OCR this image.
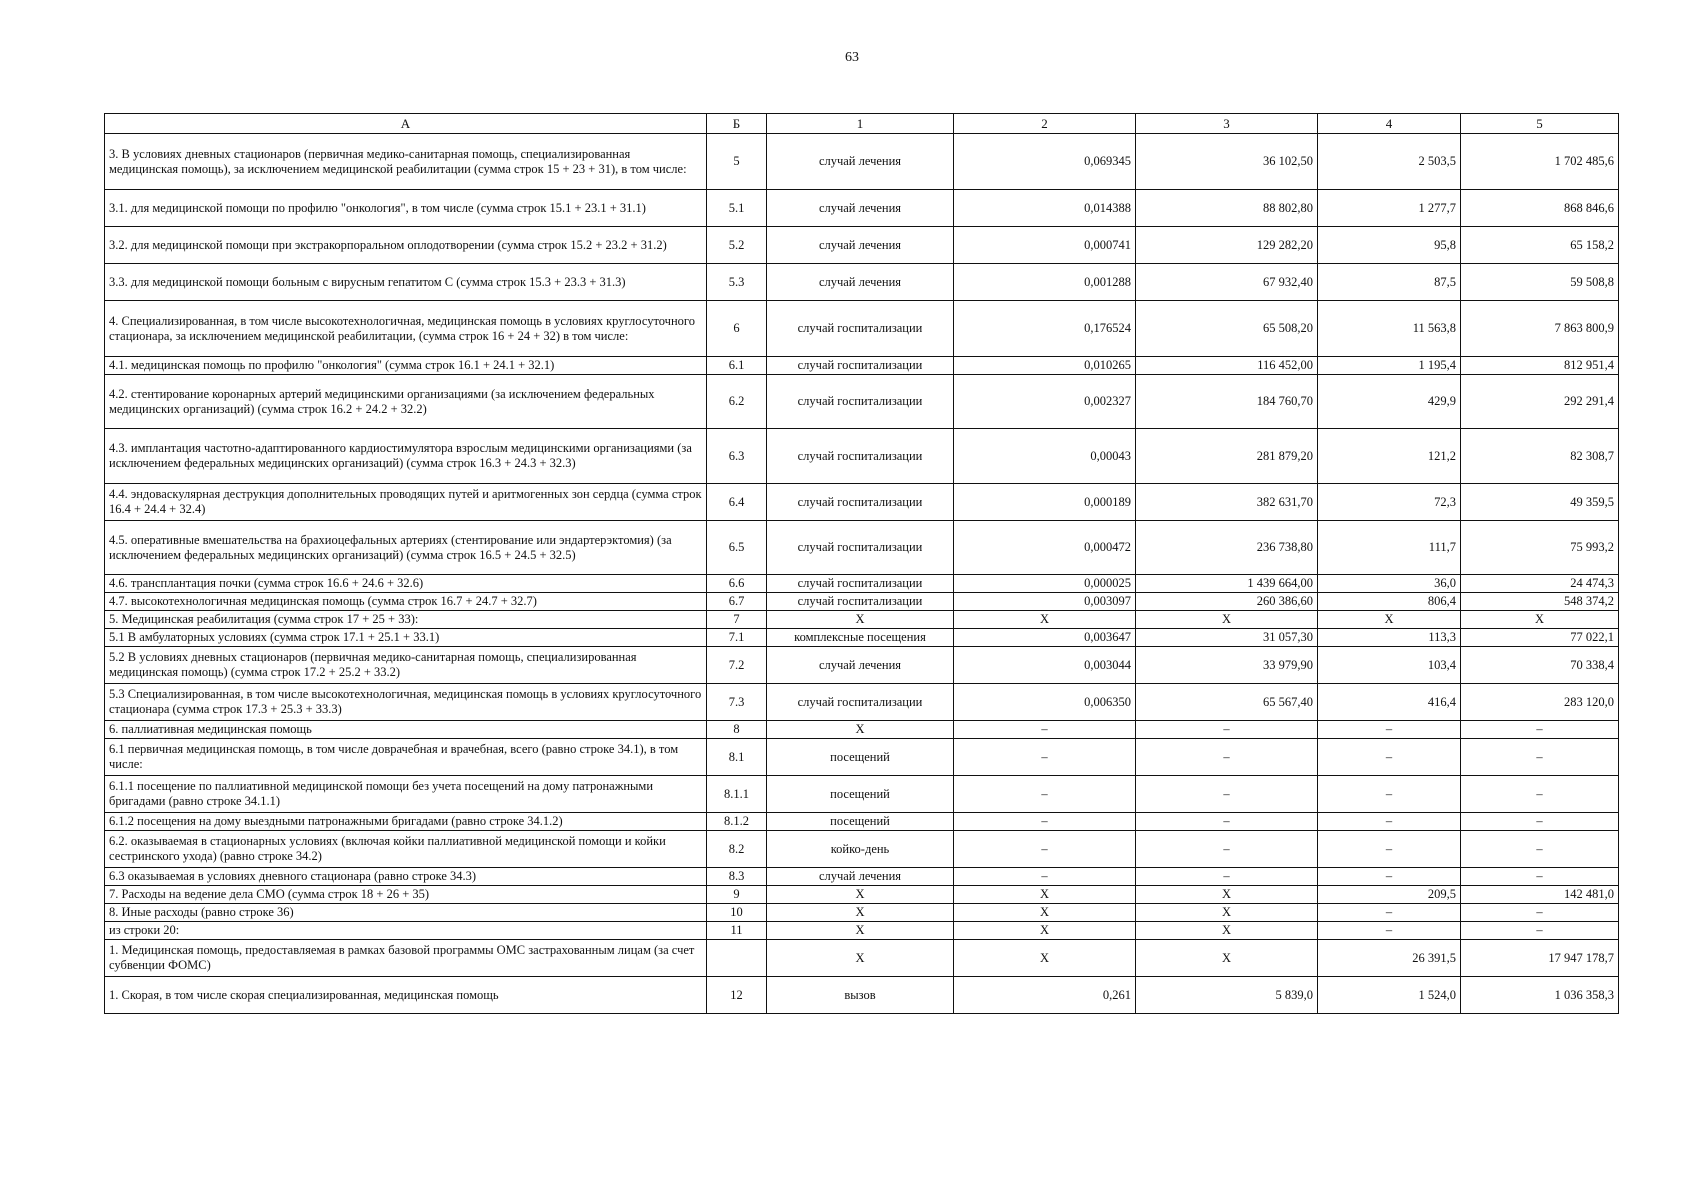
63
А	Б	1	2	3	4	5
3. В условиях дневных стационаров (первичная медико-санитарная помощь, специализированная медицинская помощь), за исключением медицинской реабилитации (сумма строк 15 + 23 + 31), в том числе:	5	случай лечения	0,069345	36 102,50	2 503,5	1 702 485,6
3.1. для медицинской помощи по профилю "онкология", в том числе (сумма строк 15.1 + 23.1 + 31.1)	5.1	случай лечения	0,014388	88 802,80	1 277,7	868 846,6
3.2. для медицинской помощи при экстракорпоральном оплодотворении (сумма строк 15.2 + 23.2 + 31.2)	5.2	случай лечения	0,000741	129 282,20	95,8	65 158,2
3.3. для медицинской помощи больным с вирусным гепатитом С (сумма строк 15.3 + 23.3 + 31.3)	5.3	случай лечения	0,001288	67 932,40	87,5	59 508,8
4. Специализированная, в том числе высокотехнологичная, медицинская помощь в условиях круглосуточного стационара, за исключением медицинской реабилитации, (сумма строк 16 + 24 + 32) в том числе:	6	случай госпитализации	0,176524	65 508,20	11 563,8	7 863 800,9
4.1. медицинская помощь по профилю "онкология" (сумма строк 16.1 + 24.1 + 32.1)	6.1	случай госпитализации	0,010265	116 452,00	1 195,4	812 951,4
4.2. стентирование коронарных артерий медицинскими организациями (за исключением федеральных медицинских организаций) (сумма строк 16.2 + 24.2 + 32.2)	6.2	случай госпитализации	0,002327	184 760,70	429,9	292 291,4
4.3. имплантация частотно-адаптированного кардиостимулятора взрослым медицинскими организациями (за исключением федеральных медицинских организаций) (сумма строк 16.3 + 24.3 + 32.3)	6.3	случай госпитализации	0,00043	281 879,20	121,2	82 308,7
4.4. эндоваскулярная деструкция дополнительных проводящих путей и аритмогенных зон сердца (сумма строк 16.4 + 24.4 + 32.4)	6.4	случай госпитализации	0,000189	382 631,70	72,3	49 359,5
4.5. оперативные вмешательства на брахиоцефальных артериях (стентирование или эндартерэктомия) (за исключением федеральных медицинских организаций) (сумма строк 16.5 + 24.5 + 32.5)	6.5	случай госпитализации	0,000472	236 738,80	111,7	75 993,2
4.6. трансплантация почки (сумма строк 16.6 + 24.6 + 32.6)	6.6	случай госпитализации	0,000025	1 439 664,00	36,0	24 474,3
4.7. высокотехнологичная медицинская помощь (сумма строк 16.7 + 24.7 + 32.7)	6.7	случай госпитализации	0,003097	260 386,60	806,4	548 374,2
5. Медицинская реабилитация (сумма строк 17 + 25 + 33):	7	Х	Х	Х	Х	Х
5.1 В амбулаторных условиях (сумма строк 17.1 + 25.1 + 33.1)	7.1	комплексные посещения	0,003647	31 057,30	113,3	77 022,1
5.2 В условиях дневных стационаров (первичная медико-санитарная помощь, специализированная медицинская помощь) (сумма строк 17.2 + 25.2 + 33.2)	7.2	случай лечения	0,003044	33 979,90	103,4	70 338,4
5.3 Специализированная, в том числе высокотехнологичная, медицинская помощь в условиях круглосуточного стационара (сумма строк 17.3 + 25.3 + 33.3)	7.3	случай госпитализации	0,006350	65 567,40	416,4	283 120,0
6. паллиативная медицинская помощь	8	Х	–	–	–	–
6.1 первичная медицинская помощь, в том числе доврачебная и врачебная, всего (равно строке 34.1), в том числе:	8.1	посещений	–	–	–	–
6.1.1 посещение по паллиативной медицинской помощи без учета посещений на дому патронажными бригадами (равно строке 34.1.1)	8.1.1	посещений	–	–	–	–
6.1.2 посещения на дому выездными патронажными бригадами (равно строке 34.1.2)	8.1.2	посещений	–	–	–	–
6.2. оказываемая в стационарных условиях (включая койки паллиативной медицинской помощи и койки сестринского ухода) (равно строке 34.2)	8.2	койко-день	–	–	–	–
6.3 оказываемая в условиях дневного стационара (равно строке 34.3)	8.3	случай лечения	–	–	–	–
7. Расходы на ведение дела СМО (сумма строк 18 + 26 + 35)	9	Х	Х	Х	209,5	142 481,0
8. Иные расходы (равно строке 36)	10	Х	Х	Х	–	–
из строки 20:	11	Х	Х	Х	–	–
1. Медицинская помощь, предоставляемая в рамках базовой программы ОМС застрахованным лицам (за счет субвенции ФОМС)		Х	Х	Х	26 391,5	17 947 178,7
1. Скорая, в том числе скорая специализированная, медицинская помощь	12	вызов	0,261	5 839,0	1 524,0	1 036 358,3
